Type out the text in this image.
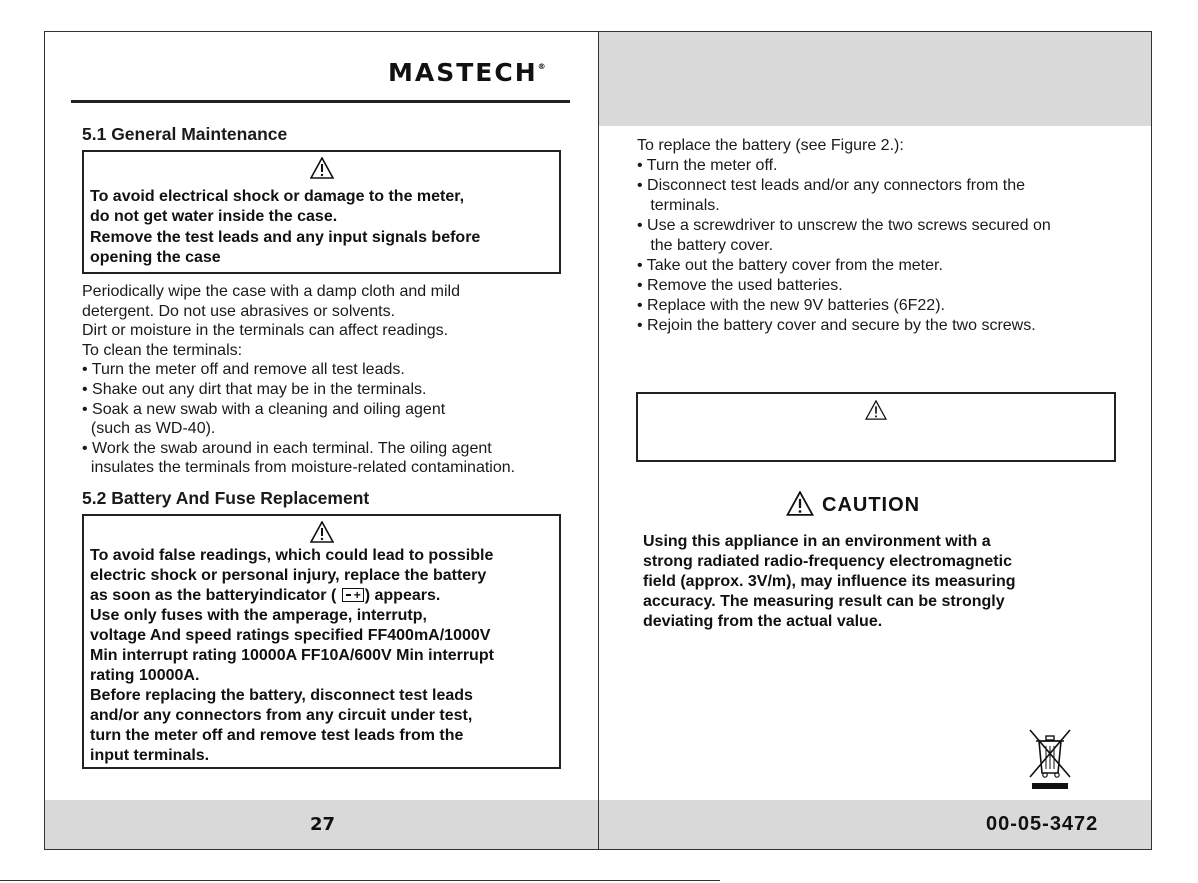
MASTECH®
5.1 General Maintenance
To avoid electrical shock or damage to the meter,
do not get water inside the case.
Remove the test leads and any input signals before
opening the case
Periodically wipe the case with a damp cloth and mild
detergent. Do not use abrasives or solvents.
Dirt or moisture in the terminals can affect readings.
To clean the terminals:
• Turn the meter off and remove all test leads.
• Shake out any dirt that may be in the terminals.
• Soak a new swab with a cleaning and oiling agent
(such as WD-40).
• Work the swab around in each terminal. The oiling agent
insulates the terminals from moisture-related contamination.
5.2 Battery And Fuse Replacement
To avoid false readings, which could lead to possible
electric shock or personal injury, replace the battery
as soon as the batteryindicator ( + ) appears.
Use only fuses with the amperage, interrutp,
voltage And speed ratings specified FF400mA/1000V
Min interrupt rating 10000A FF10A/600V Min interrupt
rating 10000A.
Before replacing the battery, disconnect test leads
and/or any connectors from any circuit under test,
turn the meter off and remove test leads from the
input terminals.
27
To replace the battery (see Figure 2.):
• Turn the meter off.
• Disconnect test leads and/or any connectors from the
terminals.
• Use a screwdriver to unscrew the two screws secured on
the battery cover.
• Take out the battery cover from the meter.
• Remove the used batteries.
• Replace with the new 9V batteries (6F22).
• Rejoin the battery cover and secure by the two screws.
CAUTION
Using this appliance in an environment with a
strong radiated radio-frequency electromagnetic
field (approx. 3V/m), may influence its measuring
accuracy. The measuring result can be strongly
deviating from the actual value.
00-05-3472
